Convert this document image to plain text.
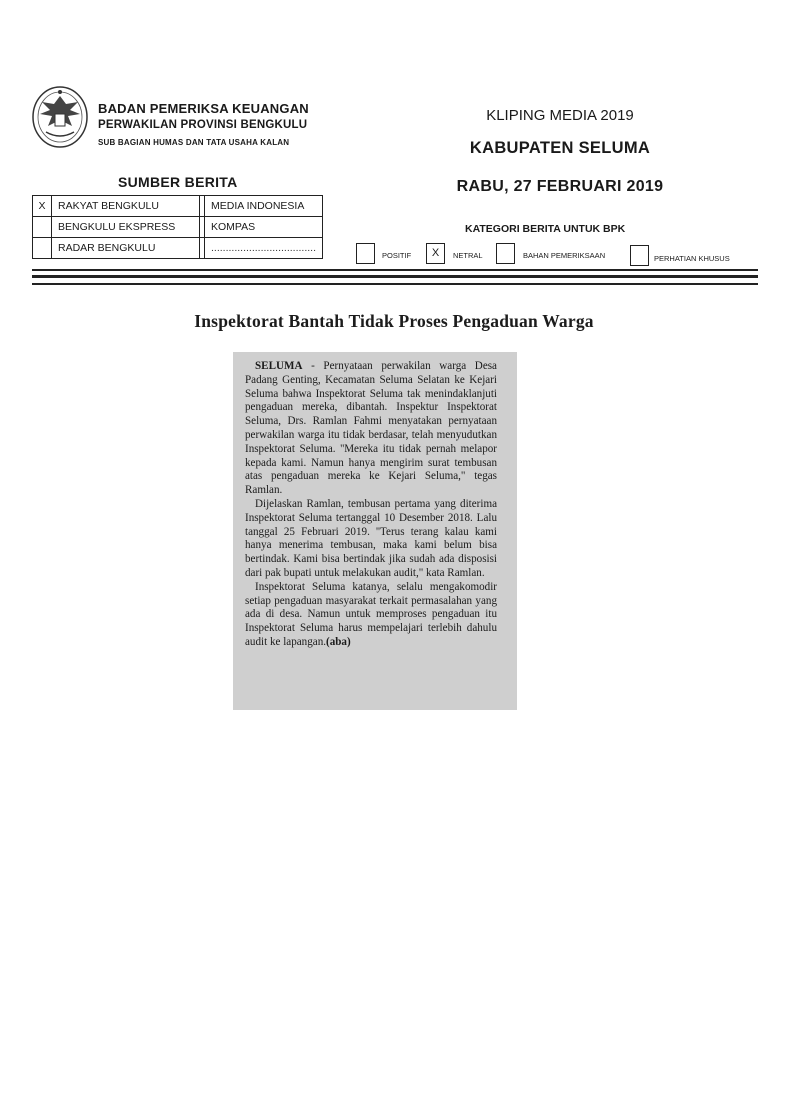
BADAN PEMERIKSA KEUANGAN
PERWAKILAN PROVINSI BENGKULU
SUB BAGIAN HUMAS DAN TATA USAHA KALAN
KLIPING MEDIA 2019
KABUPATEN SELUMA
RABU, 27 FEBRUARI 2019
SUMBER BERITA
X	RAKYAT BENGKULU		MEDIA INDONESIA
	BENGKULU EKSPRESS		KOMPAS
	RADAR BENGKULU		....................................
KATEGORI BERITA UNTUK BPK
POSITIF	X	NETRAL	BAHAN PEMERIKSAAN	PERHATIAN KHUSUS
Inspektorat Bantah Tidak Proses Pengaduan Warga

SELUMA - Pernyataan perwakilan warga Desa Padang Genting, Kecamatan Seluma Selatan ke Kejari Seluma bahwa Inspektorat Seluma tak menindaklanjuti pengaduan mereka, dibantah. Inspektur Inspektorat Seluma, Drs. Ramlan Fahmi menyatakan pernyataan perwakilan warga itu tidak berdasar, telah menyudutkan Inspektorat Seluma. ''Mereka itu tidak pernah melapor kepada kami. Namun hanya mengirim surat tembusan atas pengaduan mereka ke Kejari Seluma," tegas Ramlan.

Dijelaskan Ramlan, tembusan pertama yang diterima Inspektorat Seluma tertanggal 10 Desember 2018. Lalu tanggal 25 Februari 2019. ''Terus terang kalau kami hanya menerima tembusan, maka kami belum bisa bertindak. Kami bisa bertindak jika sudah ada disposisi dari pak bupati untuk melakukan audit," kata Ramlan.

Inspektorat Seluma katanya, selalu mengakomodir setiap pengaduan masyarakat terkait permasalahan yang ada di desa. Namun untuk memproses pengaduan itu Inspektorat Seluma harus mempelajari terlebih dahulu audit ke lapangan.(aba)
